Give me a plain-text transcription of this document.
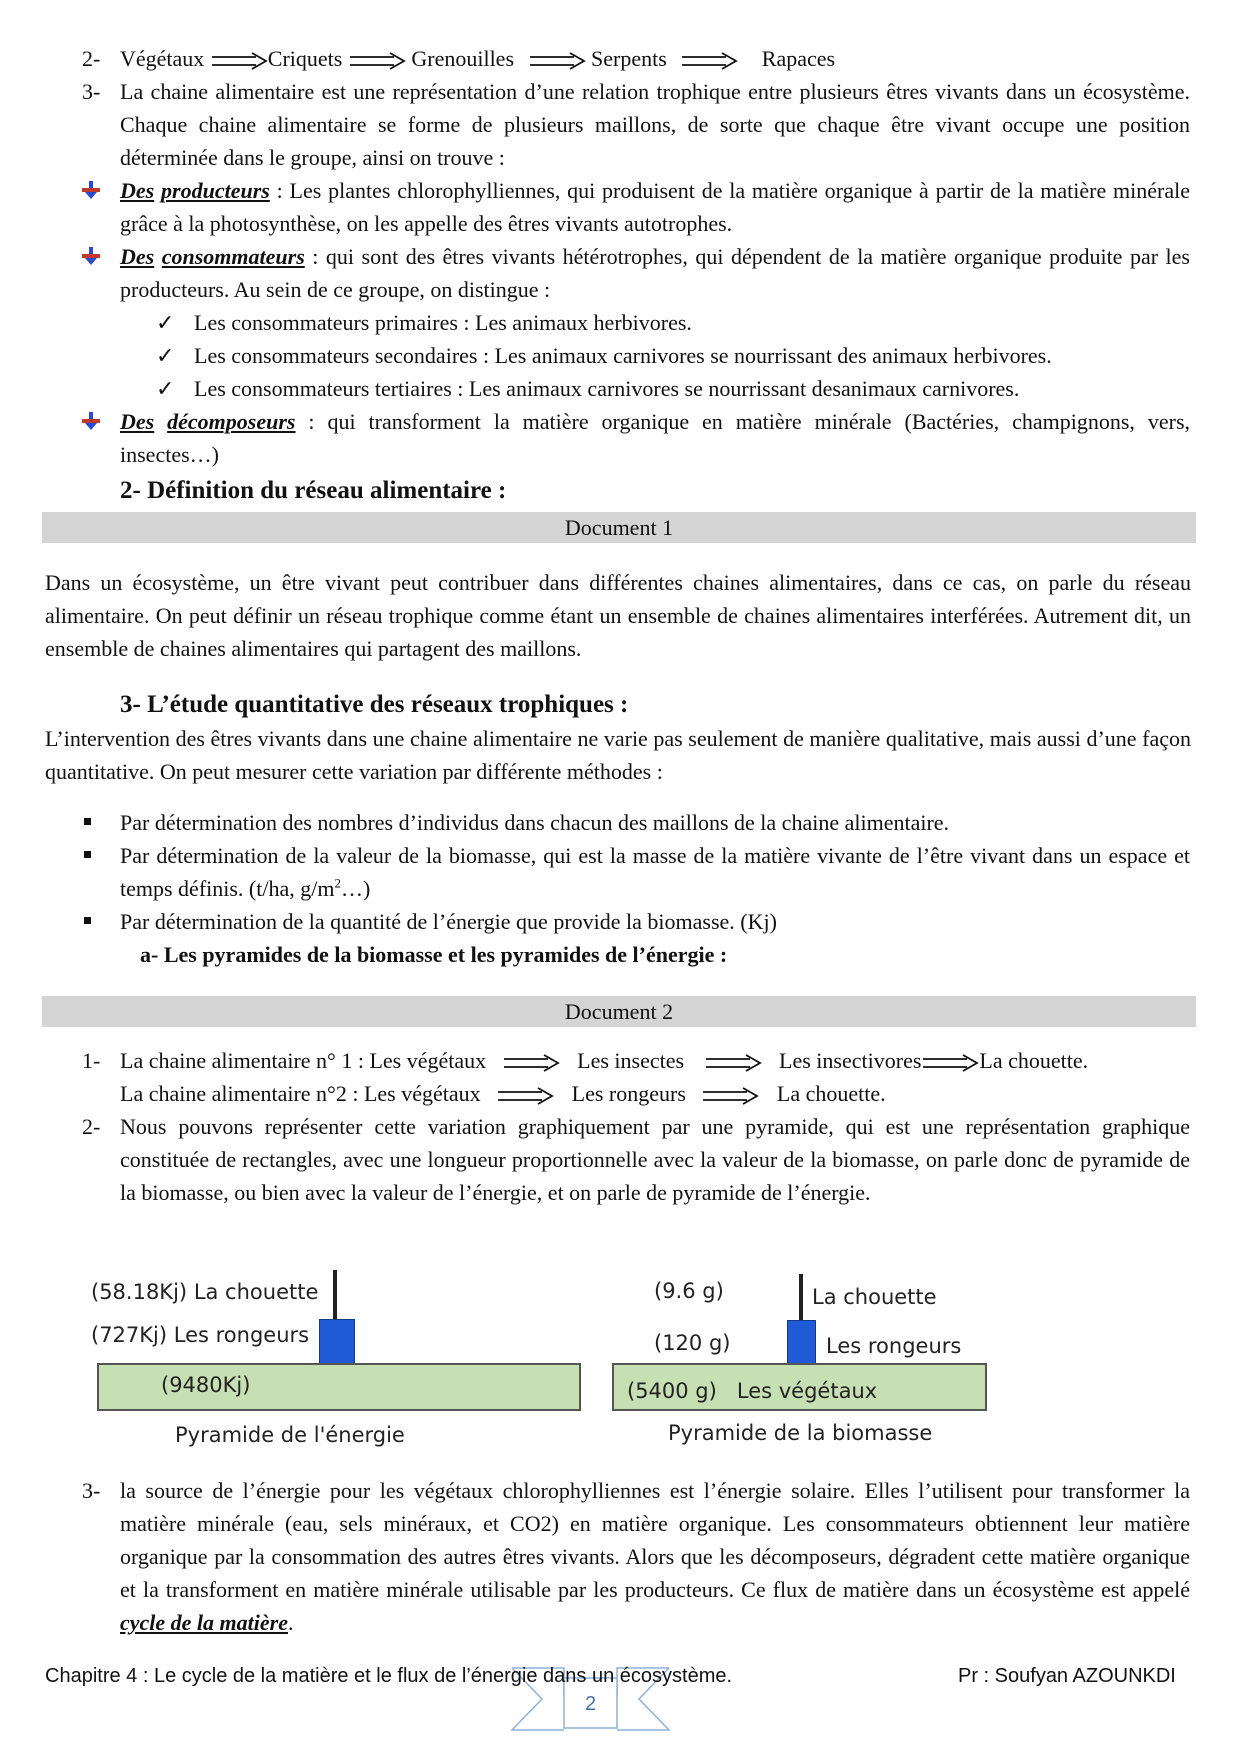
2- Végétaux	Criquets	Grenouilles	Serpents	Rapaces
3- La chaine alimentaire est une représentation d’une relation trophique entre plusieurs êtres vivants dans un écosystème. Chaque chaine alimentaire se forme de plusieurs maillons, de sorte que chaque être vivant occupe une position déterminée dans le groupe, ainsi on trouve :
Des producteurs : Les plantes chlorophylliennes, qui produisent de la matière organique à partir de la matière minérale grâce à la photosynthèse, on les appelle des êtres vivants autotrophes.
Des consommateurs : qui sont des êtres vivants hétérotrophes, qui dépendent de la matière organique produite par les producteurs. Au sein de ce groupe, on distingue :
✓ Les consommateurs primaires : Les animaux herbivores.
✓ Les consommateurs secondaires : Les animaux carnivores se nourrissant des animaux herbivores.
✓ Les consommateurs tertiaires : Les animaux carnivores se nourrissant desanimaux carnivores.
Des décomposeurs : qui transforment la matière organique en matière minérale (Bactéries, champignons, vers, insectes…)
2- Définition du réseau alimentaire :
Document 1
Dans un écosystème, un être vivant peut contribuer dans différentes chaines alimentaires, dans ce cas, on parle du réseau alimentaire. On peut définir un réseau trophique comme étant un ensemble de chaines alimentaires interférées. Autrement dit, un ensemble de chaines alimentaires qui partagent des maillons.
3- L’étude quantitative des réseaux trophiques :
L’intervention des êtres vivants dans une chaine alimentaire ne varie pas seulement de manière qualitative, mais aussi d’une façon quantitative. On peut mesurer cette variation par différente méthodes :
Par détermination des nombres d’individus dans chacun des maillons de la chaine alimentaire.
Par détermination de la valeur de la biomasse, qui est la masse de la matière vivante de l’être vivant dans un espace et temps définis. (t/ha, $g/m^2\dots$)
Par détermination de la quantité de l’énergie que provide la biomasse. (Kj)
a- Les pyramides de la biomasse et les pyramides de l’énergie :
Document 2
1- La chaine alimentaire n° 1 : Les végétaux	Les insectes	Les insectivores	La chouette.
La chaine alimentaire n°2 : Les végétaux	Les rongeurs	La chouette.
2- Nous pouvons représenter cette variation graphiquement par une pyramide, qui est une représentation graphique constituée de rectangles, avec une longueur proportionnelle avec la valeur de la biomasse, on parle donc de pyramide de la biomasse, ou bien avec la valeur de l’énergie, et on parle de pyramide de l’énergie.
(58.18Kj) La chouette
(727Kj) Les rongeurs
(9480Kj)
Pyramide de l'énergie
(9.6 g)	La chouette
(120 g)	Les rongeurs
(5400 g) Les végétaux
Pyramide de la biomasse
3- la source de l’énergie pour les végétaux chlorophylliennes est l’énergie solaire. Elles l’utilisent pour transformer la matière minérale (eau, sels minéraux, et CO2) en matière organique. Les consommateurs obtiennent leur matière organique par la consommation des autres êtres vivants. Alors que les décomposeurs, dégradent cette matière organique et la transforment en matière minérale utilisable par les producteurs. Ce flux de matière dans un écosystème est appelé cycle de la matière.
Chapitre 4 : Le cycle de la matière et le flux de l’énergie dans un écosystème.	Pr : Soufyan AZOUNKDI
2
